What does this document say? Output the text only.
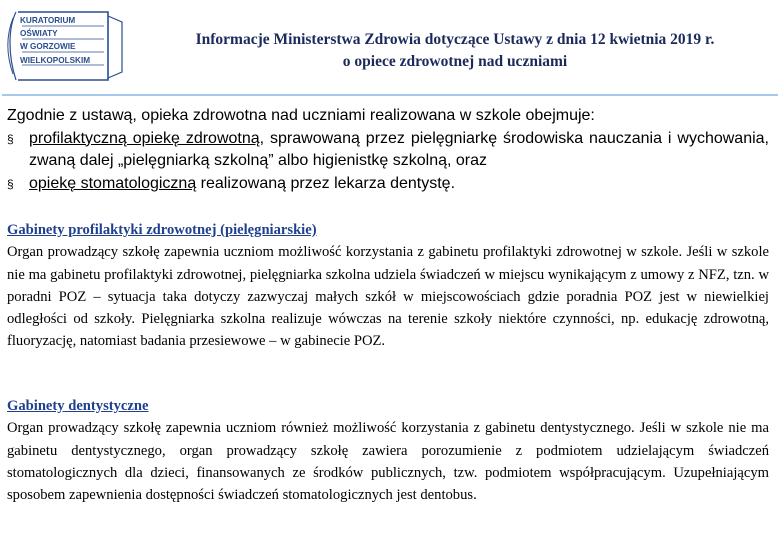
KURATORIUM
OŚWIATY
W GORZOWIE
WIELKOPOLSKIM
Informacje Ministerstwa Zdrowia dotyczące Ustawy z dnia 12 kwietnia 2019 r.
o opiece zdrowotnej nad uczniami
Zgodnie z ustawą, opieka zdrowotna nad uczniami realizowana w szkole obejmuje:
§ profilaktyczną opiekę zdrowotną, sprawowaną przez pielęgniarkę środowiska nauczania i wychowania, zwaną dalej „pielęgniarką szkolną” albo higienistkę szkolną, oraz
§ opiekę stomatologiczną realizowaną przez lekarza dentystę.
Gabinety profilaktyki zdrowotnej (pielęgniarskie)
Organ prowadzący szkołę zapewnia uczniom możliwość korzystania z gabinetu profilaktyki zdrowotnej w szkole. Jeśli w szkole nie ma gabinetu profilaktyki zdrowotnej, pielęgniarka szkolna udziela świadczeń w miejscu wynikającym z umowy z NFZ, tzn. w poradni POZ – sytuacja taka dotyczy zazwyczaj małych szkół w miejscowościach gdzie poradnia POZ jest w niewielkiej odległości od szkoły. Pielęgniarka szkolna realizuje wówczas na terenie szkoły niektóre czynności, np. edukację zdrowotną, fluoryzację, natomiast badania przesiewowe – w gabinecie POZ.
Gabinety dentystyczne
Organ prowadzący szkołę zapewnia uczniom również możliwość korzystania z gabinetu dentystycznego. Jeśli w szkole nie ma gabinetu dentystycznego, organ prowadzący szkołę zawiera porozumienie z podmiotem udzielającym świadczeń stomatologicznych dla dzieci, finansowanych ze środków publicznych, tzw. podmiotem współpracującym. Uzupełniającym sposobem zapewnienia dostępności świadczeń stomatologicznych jest dentobus.
